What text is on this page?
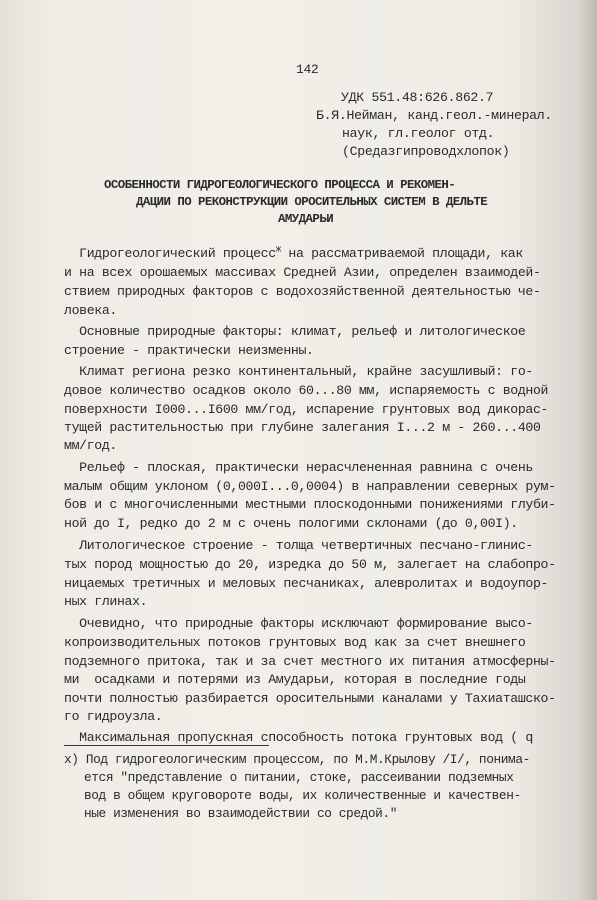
142
УДК 551.48:626.862.7
Б.Я.Нейман, канд.геол.-минерал.
наук, гл.геолог отд.
(Средазгипроводхлопок)
ОСОБЕННОСТИ ГИДРОГЕОЛОГИЧЕСКОГО ПРОЦЕССА И РЕКОМЕН-
ДАЦИИ ПО РЕКОНСТРУКЦИИ ОРОСИТЕЛЬНЫХ СИСТЕМ В ДЕЛЬТЕ
АМУДАРЬИ
Гидрогеологический процесс$^ж$ на рассматриваемой площади, как
и на всех орошаемых массивах Средней Азии, определен взаимодей-
ствием природных факторов с водохозяйственной деятельностью че-
ловека.
Основные природные факторы: климат, рельеф и литологическое
строение - практически неизменны.
Климат региона резко континентальный, крайне засушливый: го-
довое количество осадков около 60...80 мм, испаряемость с водной
поверхности I000...I600 мм/год, испарение грунтовых вод дикорас-
тущей растительностью при глубине залегания I...2 м - 260...400
мм/год.
Рельеф - плоская, практически нерасчлененная равнина с очень
малым общим уклоном (0,000I...0,0004) в направлении северных рум-
бов и с многочисленными местными плоскодонными понижениями глуби-
ной до I, редко до 2 м с очень пологими склонами (до 0,00I).
Литологическое строение - толща четвертичных песчано-глинис-
тых пород мощностью до 20, изредка до 50 м, залегает на слабопро-
ницаемых третичных и меловых песчаниках, алевролитах и водоупор-
ных глинах.
Очевидно, что природные факторы исключают формирование высо-
копроизводительных потоков грунтовых вод как за счет внешнего
подземного притока, так и за счет местного их питания атмосферны-
ми  осадками и потерями из Амударьи, которая в последние годы
почти полностью разбирается оросительными каналами у Тахиаташско-
го гидроузла.
Максимальная пропускная способность потока грунтовых вод ( q
x) Под гидрогеологическим процессом, по М.М.Крылову /I/, понима-
ется "представление о питании, стоке, рассеивании подземных
вод в общем круговороте воды, их количественные и качествен-
ные изменения во взаимодействии со средой."
